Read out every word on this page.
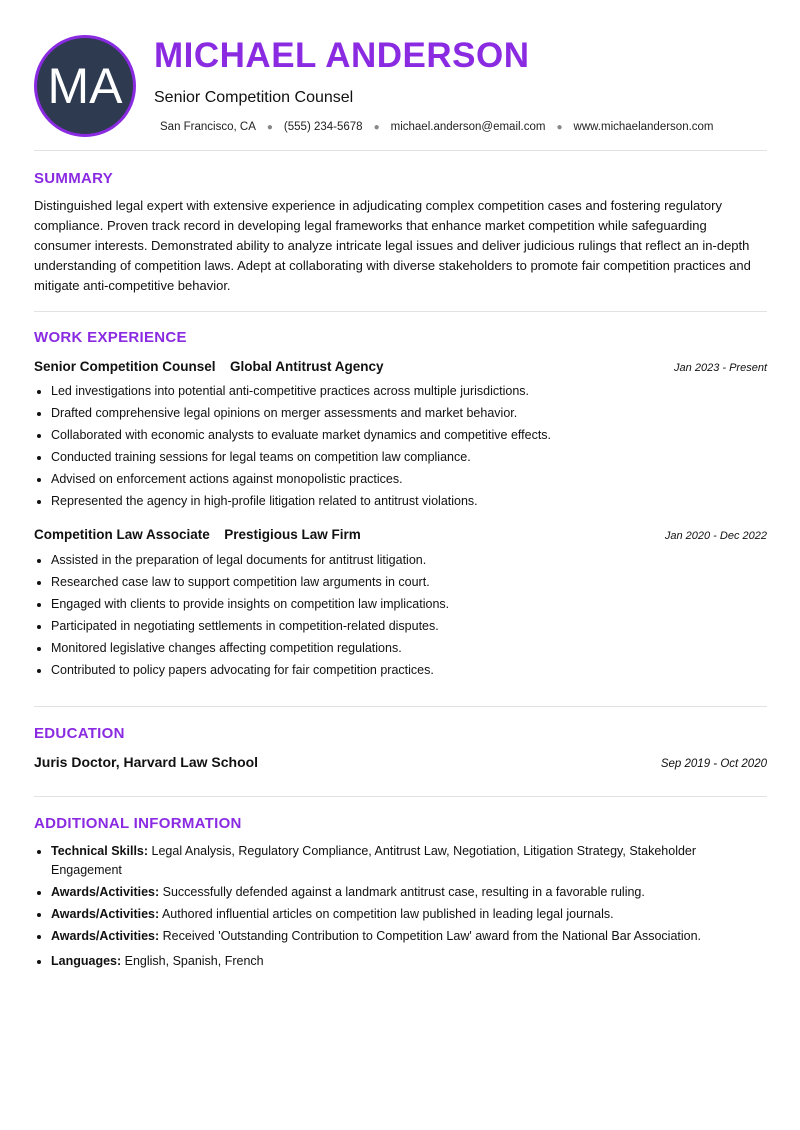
MA
MICHAEL ANDERSON
Senior Competition Counsel
San Francisco, CA ● (555) 234-5678 ● michael.anderson@email.com ● www.michaelanderson.com
SUMMARY
Distinguished legal expert with extensive experience in adjudicating complex competition cases and fostering regulatory compliance. Proven track record in developing legal frameworks that enhance market competition while safeguarding consumer interests. Demonstrated ability to analyze intricate legal issues and deliver judicious rulings that reflect an in-depth understanding of competition laws. Adept at collaborating with diverse stakeholders to promote fair competition practices and mitigate anti-competitive behavior.
WORK EXPERIENCE
Senior Competition Counsel Global Antitrust Agency	Jan 2023 - Present
• Led investigations into potential anti-competitive practices across multiple jurisdictions.
• Drafted comprehensive legal opinions on merger assessments and market behavior.
• Collaborated with economic analysts to evaluate market dynamics and competitive effects.
• Conducted training sessions for legal teams on competition law compliance.
• Advised on enforcement actions against monopolistic practices.
• Represented the agency in high-profile litigation related to antitrust violations.
Competition Law Associate Prestigious Law Firm	Jan 2020 - Dec 2022
• Assisted in the preparation of legal documents for antitrust litigation.
• Researched case law to support competition law arguments in court.
• Engaged with clients to provide insights on competition law implications.
• Participated in negotiating settlements in competition-related disputes.
• Monitored legislative changes affecting competition regulations.
• Contributed to policy papers advocating for fair competition practices.
EDUCATION
Juris Doctor, Harvard Law School	Sep 2019 - Oct 2020
ADDITIONAL INFORMATION
• Technical Skills: Legal Analysis, Regulatory Compliance, Antitrust Law, Negotiation, Litigation Strategy, Stakeholder Engagement
• Awards/Activities: Successfully defended against a landmark antitrust case, resulting in a favorable ruling.
• Awards/Activities: Authored influential articles on competition law published in leading legal journals.
• Awards/Activities: Received 'Outstanding Contribution to Competition Law' award from the National Bar Association.
• Languages: English, Spanish, French
